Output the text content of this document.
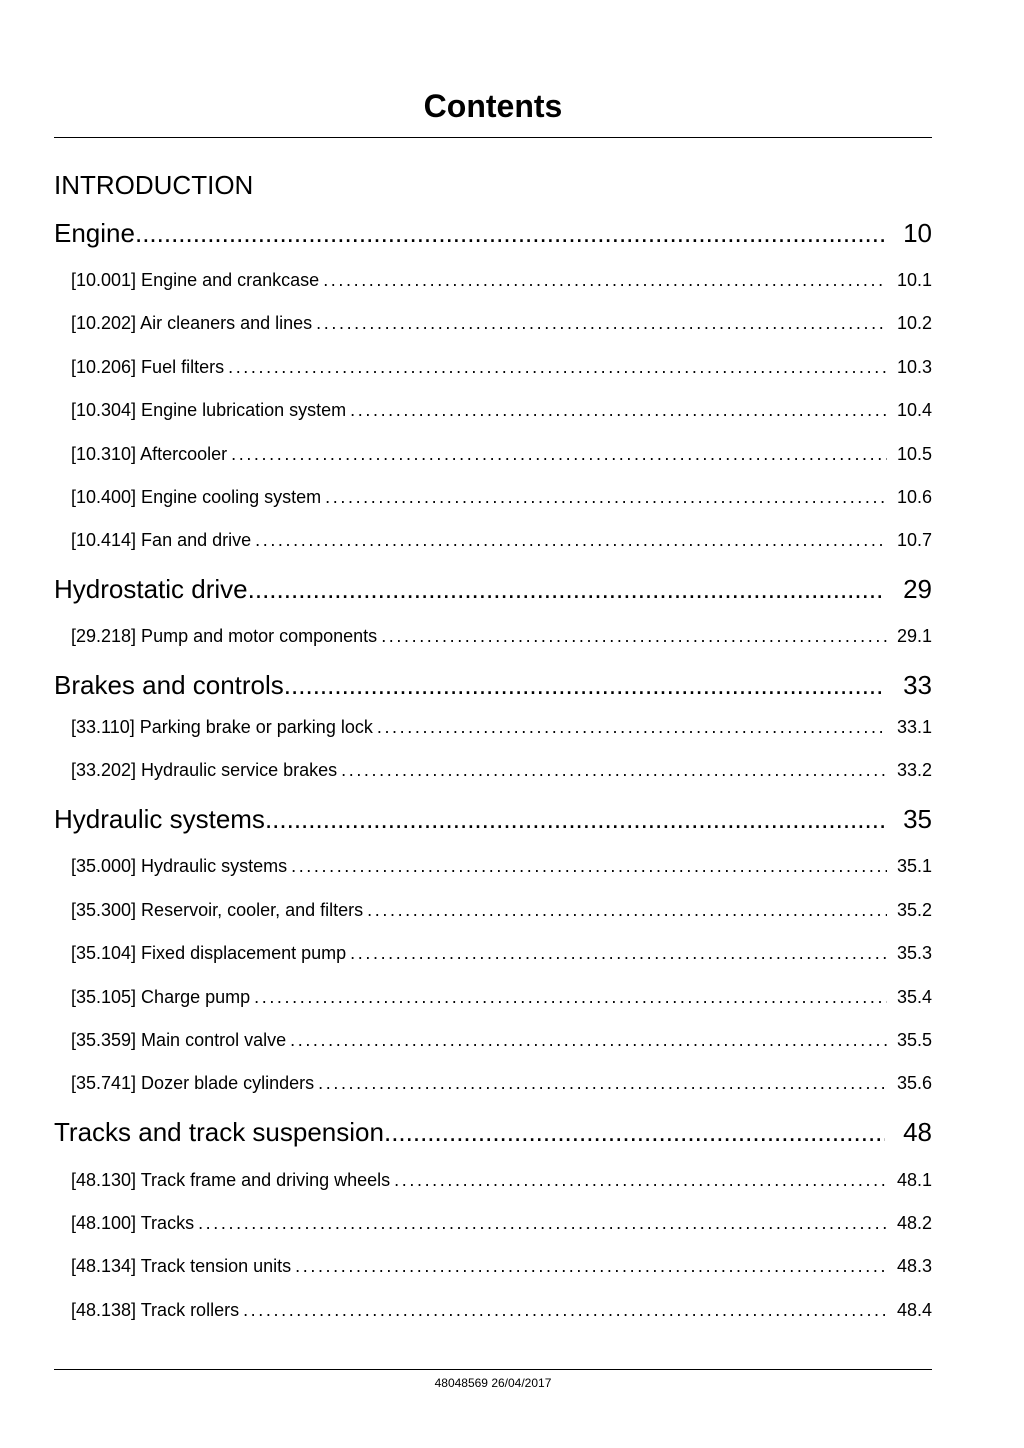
Contents
INTRODUCTION
Engine .....	10
[10.001] Engine and crankcase . . .	10.1
[10.202] Air cleaners and lines . . .	10.2
[10.206] Fuel filters . . .	10.3
[10.304] Engine lubrication system . . .	10.4
[10.310] Aftercooler . . .	10.5
[10.400] Engine cooling system . . .	10.6
[10.414] Fan and drive . . .	10.7
Hydrostatic drive .....	29
[29.218] Pump and motor components . . .	29.1
Brakes and controls .....	33
[33.110] Parking brake or parking lock . . .	33.1
[33.202] Hydraulic service brakes . . .	33.2
Hydraulic systems .....	35
[35.000] Hydraulic systems . . .	35.1
[35.300] Reservoir, cooler, and filters . . .	35.2
[35.104] Fixed displacement pump . . .	35.3
[35.105] Charge pump . . .	35.4
[35.359] Main control valve . . .	35.5
[35.741] Dozer blade cylinders . . .	35.6
Tracks and track suspension .....	48
[48.130] Track frame and driving wheels . . .	48.1
[48.100] Tracks . . .	48.2
[48.134] Track tension units . . .	48.3
[48.138] Track rollers . . .	48.4
48048569 26/04/2017
